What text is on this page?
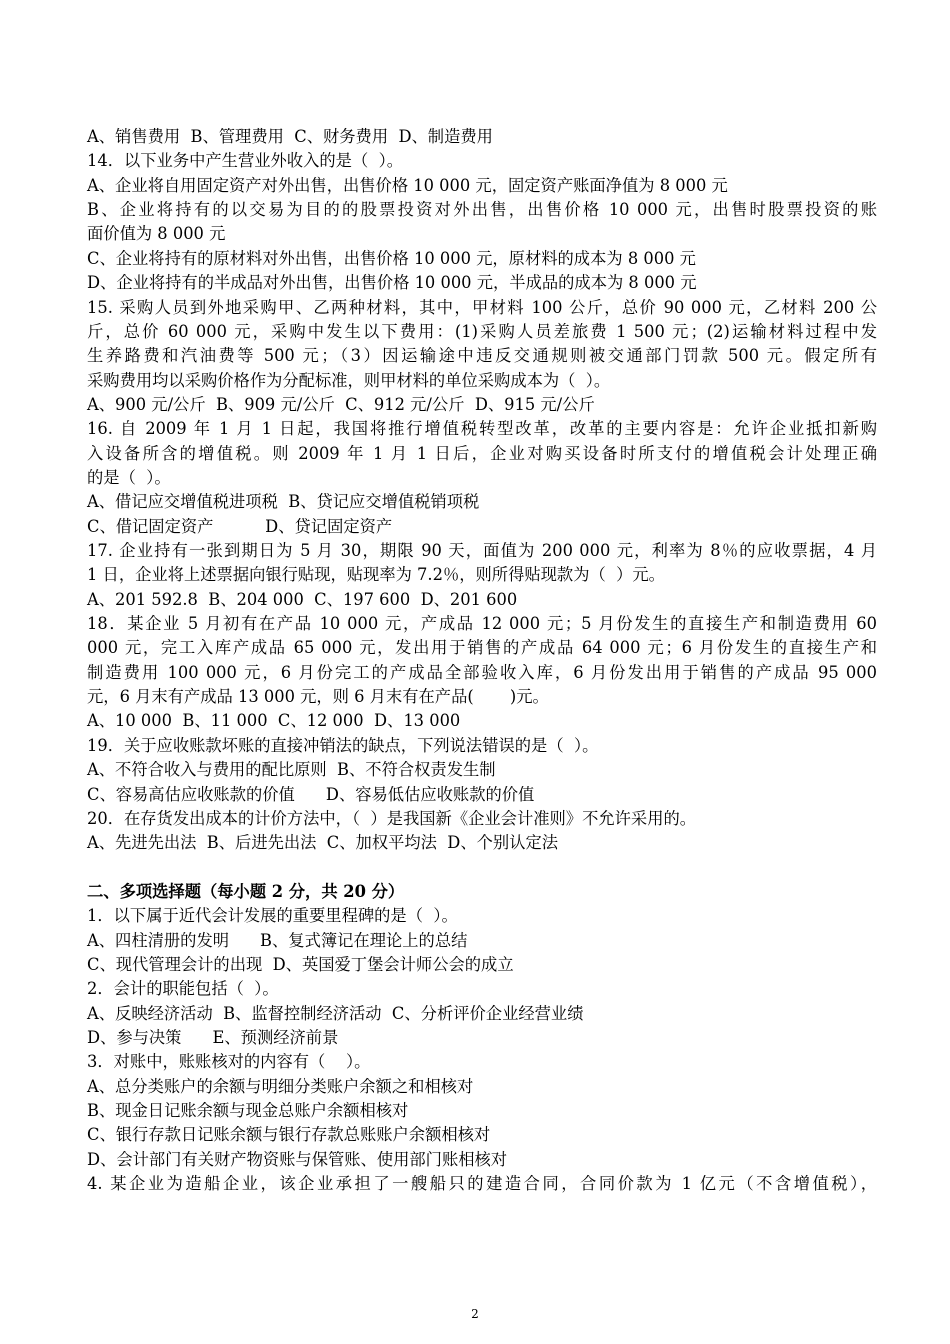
A、销售费用  B、管理费用  C、财务费用  D、制造费用
14．以下业务中产生营业外收入的是（  ）。
A、企业将自用固定资产对外出售，出售价格 10 000 元，固定资产账面净值为 8 000 元
B、企业将持有的以交易为目的的股票投资对外出售，出售价格 10 000 元，出售时股票投资的账
面价值为 8 000 元
C、企业将持有的原材料对外出售，出售价格 10 000 元，原材料的成本为 8 000 元
D、企业将持有的半成品对外出售，出售价格 10 000 元，半成品的成本为 8 000 元
15. 采购人员到外地采购甲、乙两种材料，其中，甲材料 100 公斤，总价 90 000 元，乙材料 200 公
斤，总价 60 000 元，采购中发生以下费用：(1)采购人员差旅费 1 500 元；(2)运输材料过程中发
生养路费和汽油费等 500 元；（3）因运输途中违反交通规则被交通部门罚款 500 元。假定所有
采购费用均以采购价格作为分配标准，则甲材料的单位采购成本为（  ）。
A、900 元/公斤  B、909 元/公斤  C、912 元/公斤  D、915 元/公斤
16. 自 2009 年 1 月 1 日起，我国将推行增值税转型改革，改革的主要内容是：允许企业抵扣新购
入设备所含的增值税。则 2009 年 1 月 1 日后，企业对购买设备时所支付的增值税会计处理正确
的是（  ）。
A、借记应交增值税进项税  B、贷记应交增值税销项税
C、借记固定资产          D、贷记固定资产
17. 企业持有一张到期日为 5 月 30，期限 90 天，面值为 200 000 元，利率为 8％的应收票据，4 月
1 日，企业将上述票据向银行贴现，贴现率为 7.2％，则所得贴现款为（  ）元。
A、201 592.8  B、204 000  C、197 600  D、201 600
18．某企业 5 月初有在产品 10 000 元，产成品 12 000 元；5 月份发生的直接生产和制造费用 60
000 元，完工入库产成品 65 000 元，发出用于销售的产成品 64 000 元；6 月份发生的直接生产和
制造费用 100 000 元，6 月份完工的产成品全部验收入库，6 月份发出用于销售的产成品 95 000
元，6 月末有产成品 13 000 元，则 6 月末有在产品(       )元。
A、10 000  B、11 000  C、12 000  D、13 000
19．关于应收账款坏账的直接冲销法的缺点，下列说法错误的是（  ）。
A、不符合收入与费用的配比原则  B、不符合权责发生制
C、容易高估应收账款的价值      D、容易低估应收账款的价值
20．在存货发出成本的计价方法中，（  ）是我国新《企业会计准则》不允许采用的。
A、先进先出法  B、后进先出法  C、加权平均法  D、个别认定法
二、多项选择题（每小题 2 分，共 20 分）
1．以下属于近代会计发展的重要里程碑的是（  ）。
A、四柱清册的发明      B、复式簿记在理论上的总结
C、现代管理会计的出现  D、英国爱丁堡会计师公会的成立
2．会计的职能包括（  ）。
A、反映经济活动  B、监督控制经济活动  C、分析评价企业经营业绩
D、参与决策      E、预测经济前景
3．对账中，账账核对的内容有（    ）。
A、总分类账户的余额与明细分类账户余额之和相核对
B、现金日记账余额与现金总账户余额相核对
C、银行存款日记账余额与银行存款总账账户余额相核对
D、会计部门有关财产物资账与保管账、使用部门账相核对
4. 某企业为造船企业，该企业承担了一艘船只的建造合同，合同价款为 1 亿元（不含增值税），
2
